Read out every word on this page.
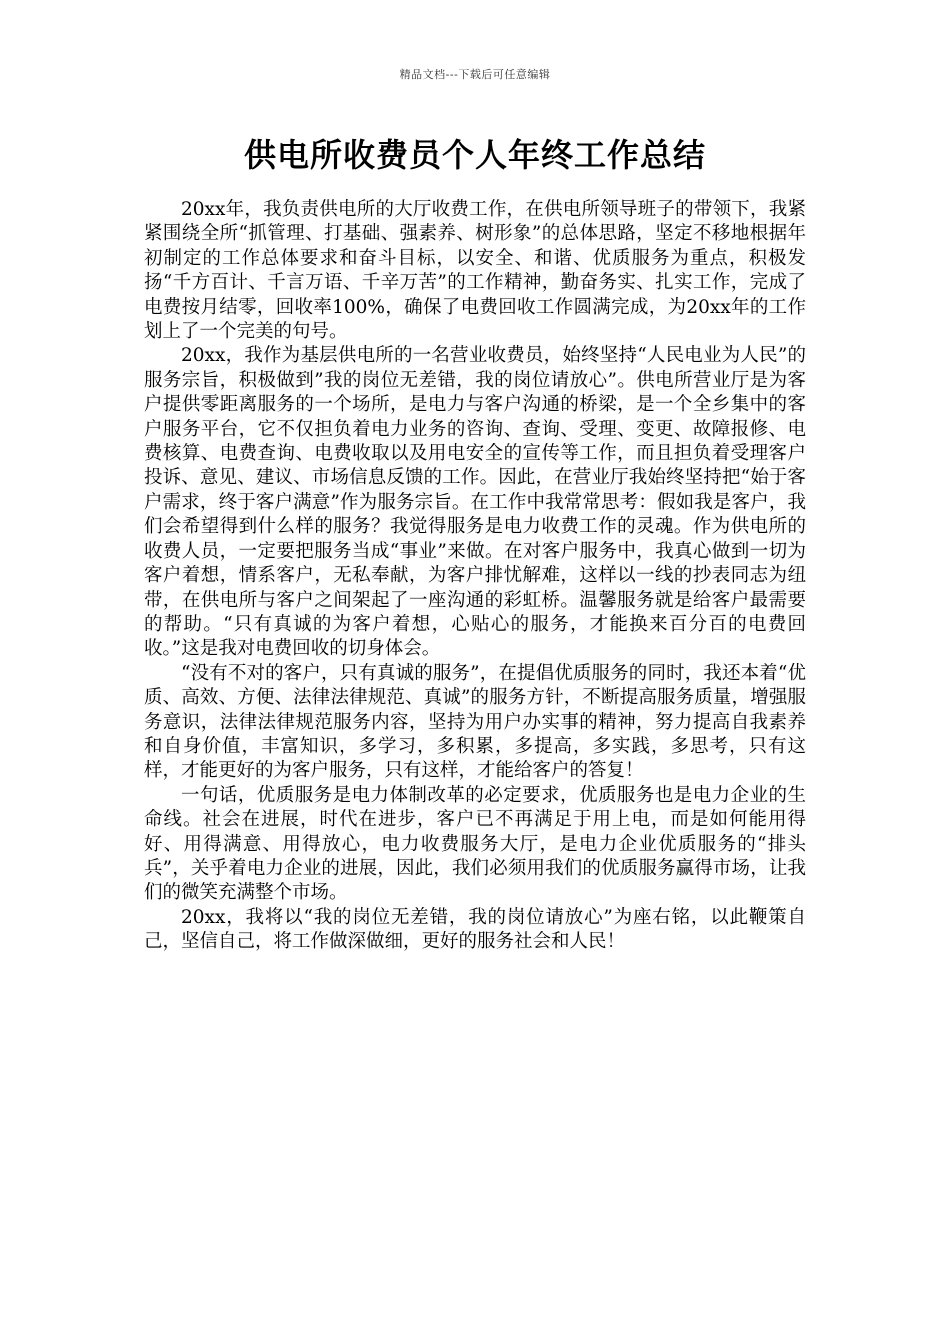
精品文档---下载后可任意编辑
供电所收费员个人年终工作总结

20xx年，我负责供电所的大厅收费工作，在供电所领导班子的带领下，我紧紧围绕全所“抓管理、打基础、强素养、树形象”的总体思路，坚定不移地根据年初制定的工作总体要求和奋斗目标，以安全、和谐、优质服务为重点，积极发扬“千方百计、千言万语、千辛万苦”的工作精神，勤奋务实、扎实工作，完成了电费按月结零，回收率100%，确保了电费回收工作圆满完成，为20xx年的工作划上了一个完美的句号。

20xx，我作为基层供电所的一名营业收费员，始终坚持“人民电业为人民”的服务宗旨，积极做到”我的岗位无差错，我的岗位请放心”。供电所营业厅是为客户提供零距离服务的一个场所，是电力与客户沟通的桥梁，是一个全乡集中的客户服务平台，它不仅担负着电力业务的咨询、查询、受理、变更、故障报修、电费核算、电费查询、电费收取以及用电安全的宣传等工作，而且担负着受理客户投诉、意见、建议、市场信息反馈的工作。因此，在营业厅我始终坚持把“始于客户需求，终于客户满意”作为服务宗旨。在工作中我常常思考：假如我是客户，我们会希望得到什么样的服务？我觉得服务是电力收费工作的灵魂。作为供电所的收费人员，一定要把服务当成“事业”来做。在对客户服务中，我真心做到一切为客户着想，情系客户，无私奉献，为客户排忧解难，这样以一线的抄表同志为纽带，在供电所与客户之间架起了一座沟通的彩虹桥。温馨服务就是给客户最需要的帮助。“只有真诚的为客户着想，心贴心的服务，才能换来百分百的电费回收。”这是我对电费回收的切身体会。

“没有不对的客户，只有真诚的服务”，在提倡优质服务的同时，我还本着“优质、高效、方便、法律法律规范、真诚”的服务方针，不断提高服务质量，增强服务意识，法律法律规范服务内容，坚持为用户办实事的精神，努力提高自我素养和自身价值，丰富知识，多学习，多积累，多提高，多实践，多思考，只有这样，才能更好的为客户服务，只有这样，才能给客户的答复！

一句话，优质服务是电力体制改革的必定要求，优质服务也是电力企业的生命线。社会在进展，时代在进步，客户已不再满足于用上电，而是如何能用得好、用得满意、用得放心，电力收费服务大厅，是电力企业优质服务的“排头兵”，关乎着电力企业的进展，因此，我们必须用我们的优质服务赢得市场，让我们的微笑充满整个市场。

20xx，我将以“我的岗位无差错，我的岗位请放心”为座右铭，以此鞭策自己，坚信自己，将工作做深做细，更好的服务社会和人民！
